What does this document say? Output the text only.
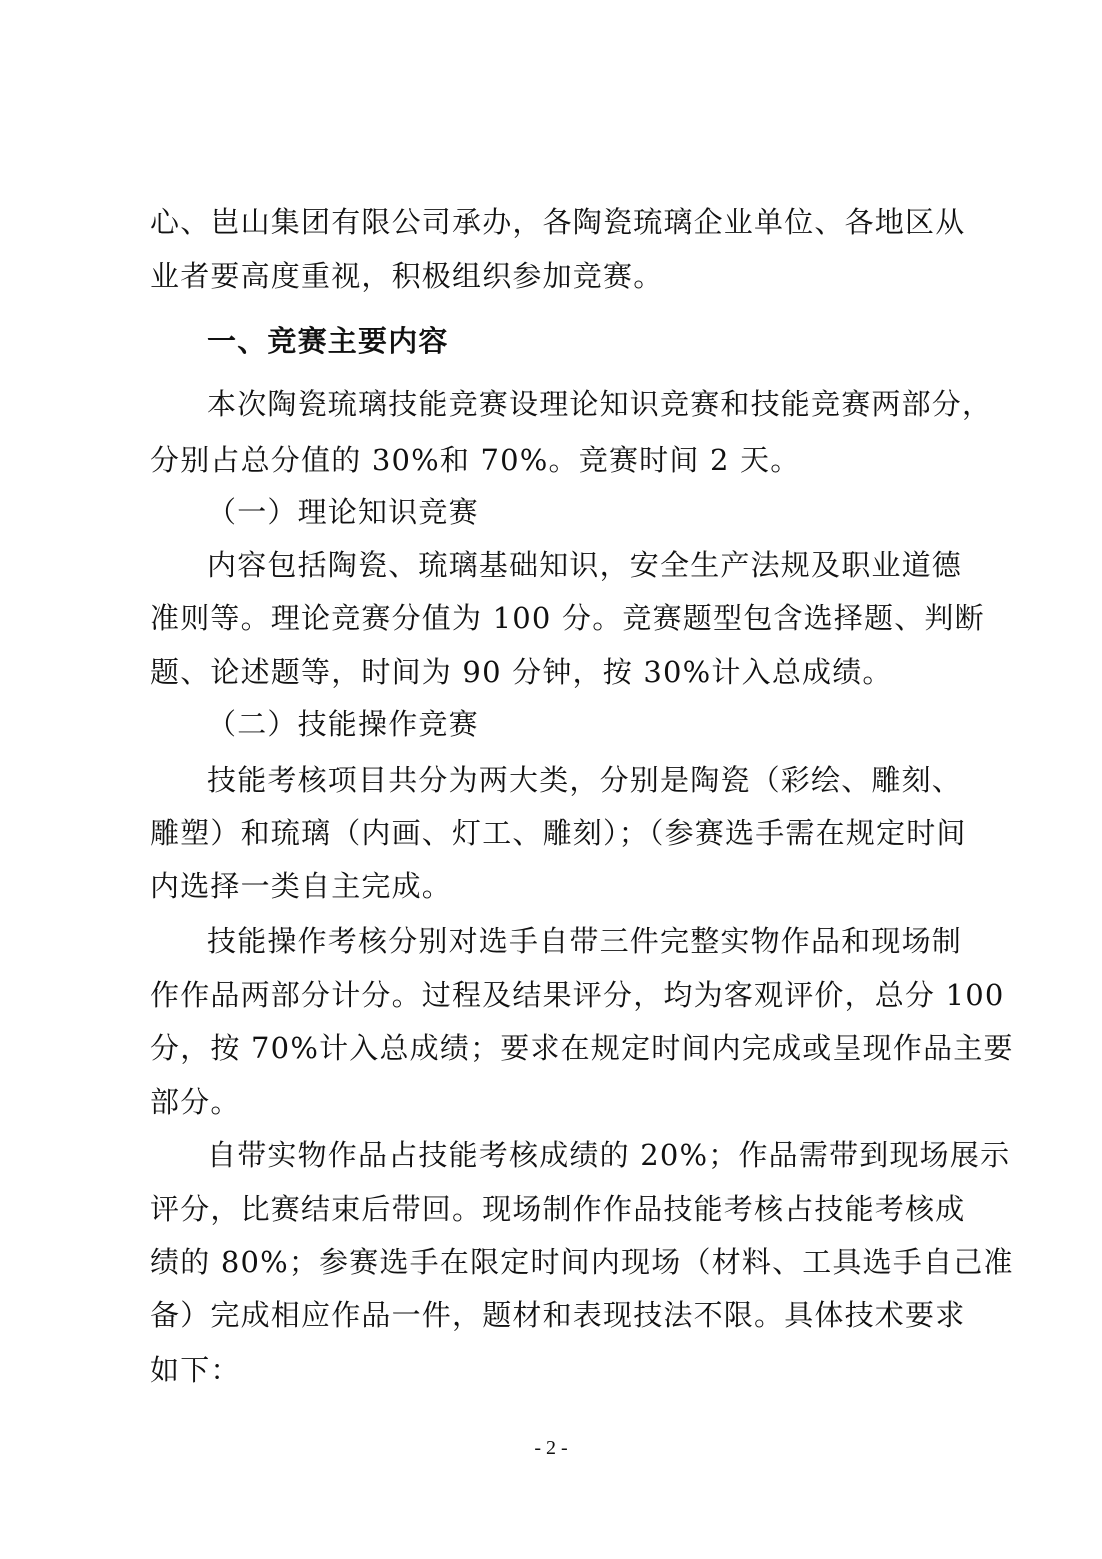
心、岜山集团有限公司承办，各陶瓷琉璃企业单位、各地区从
业者要高度重视，积极组织参加竞赛。
一、竞赛主要内容
本次陶瓷琉璃技能竞赛设理论知识竞赛和技能竞赛两部分，
分别占总分值的 30%和 70%。竞赛时间 2 天。
（一）理论知识竞赛
内容包括陶瓷、琉璃基础知识，安全生产法规及职业道德
准则等。理论竞赛分值为 100 分。竞赛题型包含选择题、判断
题、论述题等，时间为 90 分钟，按 30%计入总成绩。
（二）技能操作竞赛
技能考核项目共分为两大类，分别是陶瓷（彩绘、雕刻、
雕塑）和琉璃（内画、灯工、雕刻）；（参赛选手需在规定时间
内选择一类自主完成。
技能操作考核分别对选手自带三件完整实物作品和现场制
作作品两部分计分。过程及结果评分，均为客观评价，总分 100
分，按 70%计入总成绩；要求在规定时间内完成或呈现作品主要
部分。
自带实物作品占技能考核成绩的 20%；作品需带到现场展示
评分，比赛结束后带回。现场制作作品技能考核占技能考核成
绩的 80%；参赛选手在限定时间内现场（材料、工具选手自己准
备）完成相应作品一件，题材和表现技法不限。具体技术要求
如下：
- 2 -
